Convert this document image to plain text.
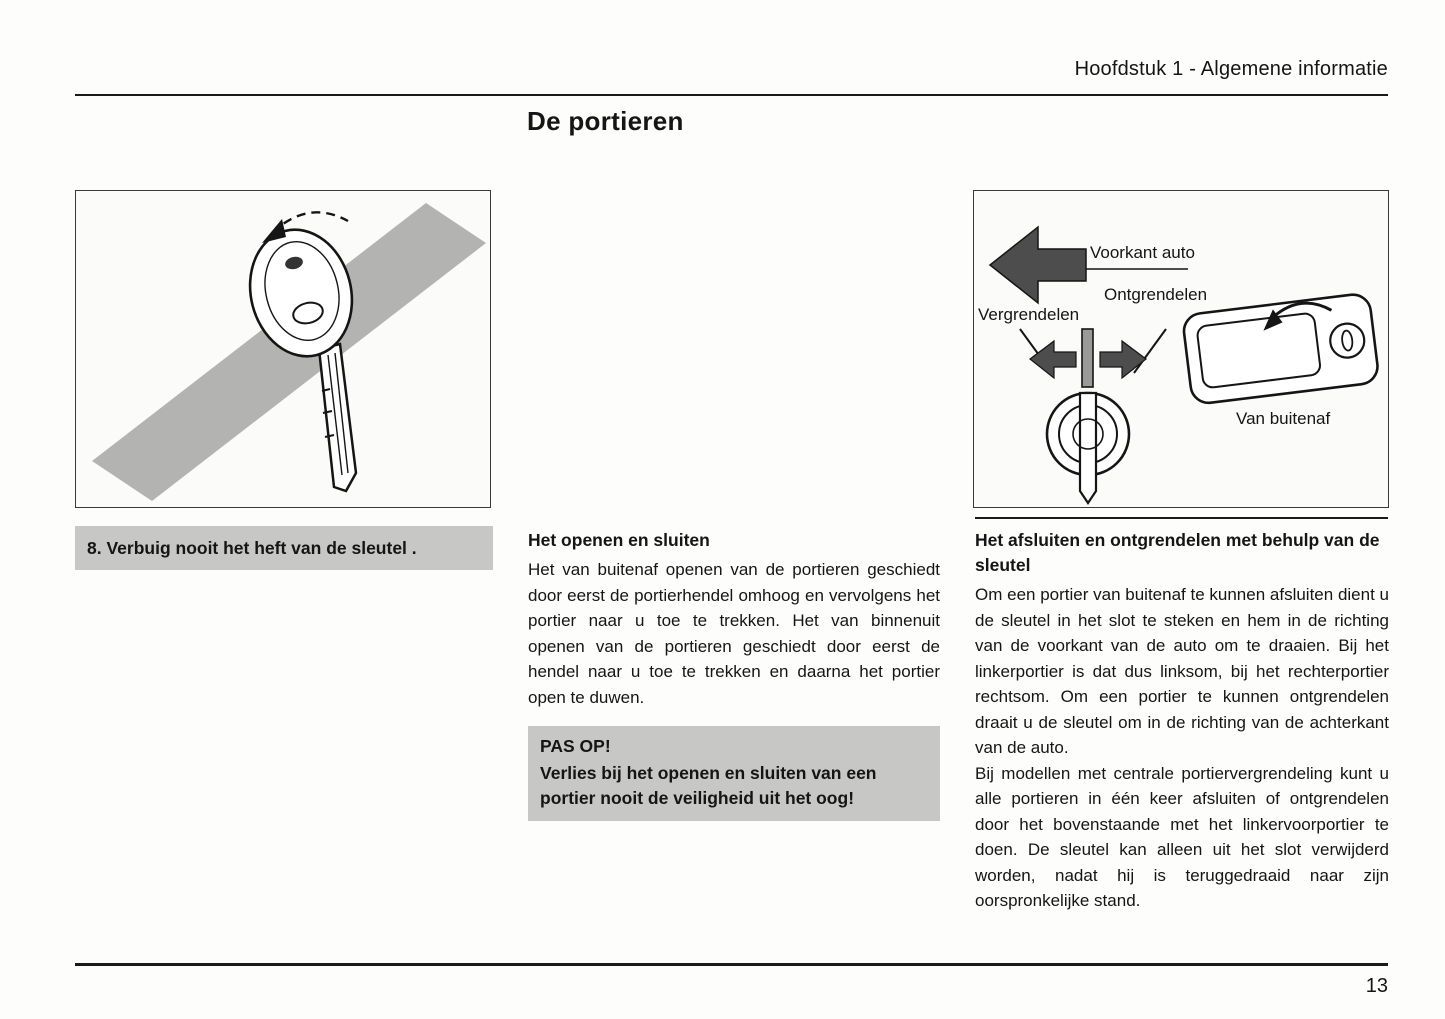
Hoofdstuk 1 - Algemene informatie
De portieren
8. Verbuig nooit het heft van de sleutel .
Voorkant auto
Ontgrendelen
Vergrendelen
Van buitenaf
Het openen en sluiten

Het van buitenaf openen van de portieren geschiedt door eerst de portierhendel omhoog en vervolgens het portier naar u toe te trekken. Het van binnenuit openen van de portieren geschiedt door eerst de hendel naar u toe te trekken en daarna het portier open te duwen.

PAS OP!

Verlies bij het openen en sluiten van een portier nooit de veiligheid uit het oog!

Het afsluiten en ontgrendelen met behulp van de sleutel

Om een portier van buitenaf te kunnen afsluiten dient u de sleutel in het slot te steken en hem in de richting van de voorkant van de auto om te draaien. Bij het linkerportier is dat dus linksom, bij het rechterportier rechtsom. Om een portier te kunnen ontgrendelen draait u de sleutel om in de richting van de achterkant van de auto.

Bij modellen met centrale portiervergrendeling kunt u alle portieren in één keer afsluiten of ontgrendelen door het bovenstaande met het linkervoorportier te doen. De sleutel kan alleen uit het slot verwijderd worden, nadat hij is teruggedraaid naar zijn oorspronkelijke stand.

13
